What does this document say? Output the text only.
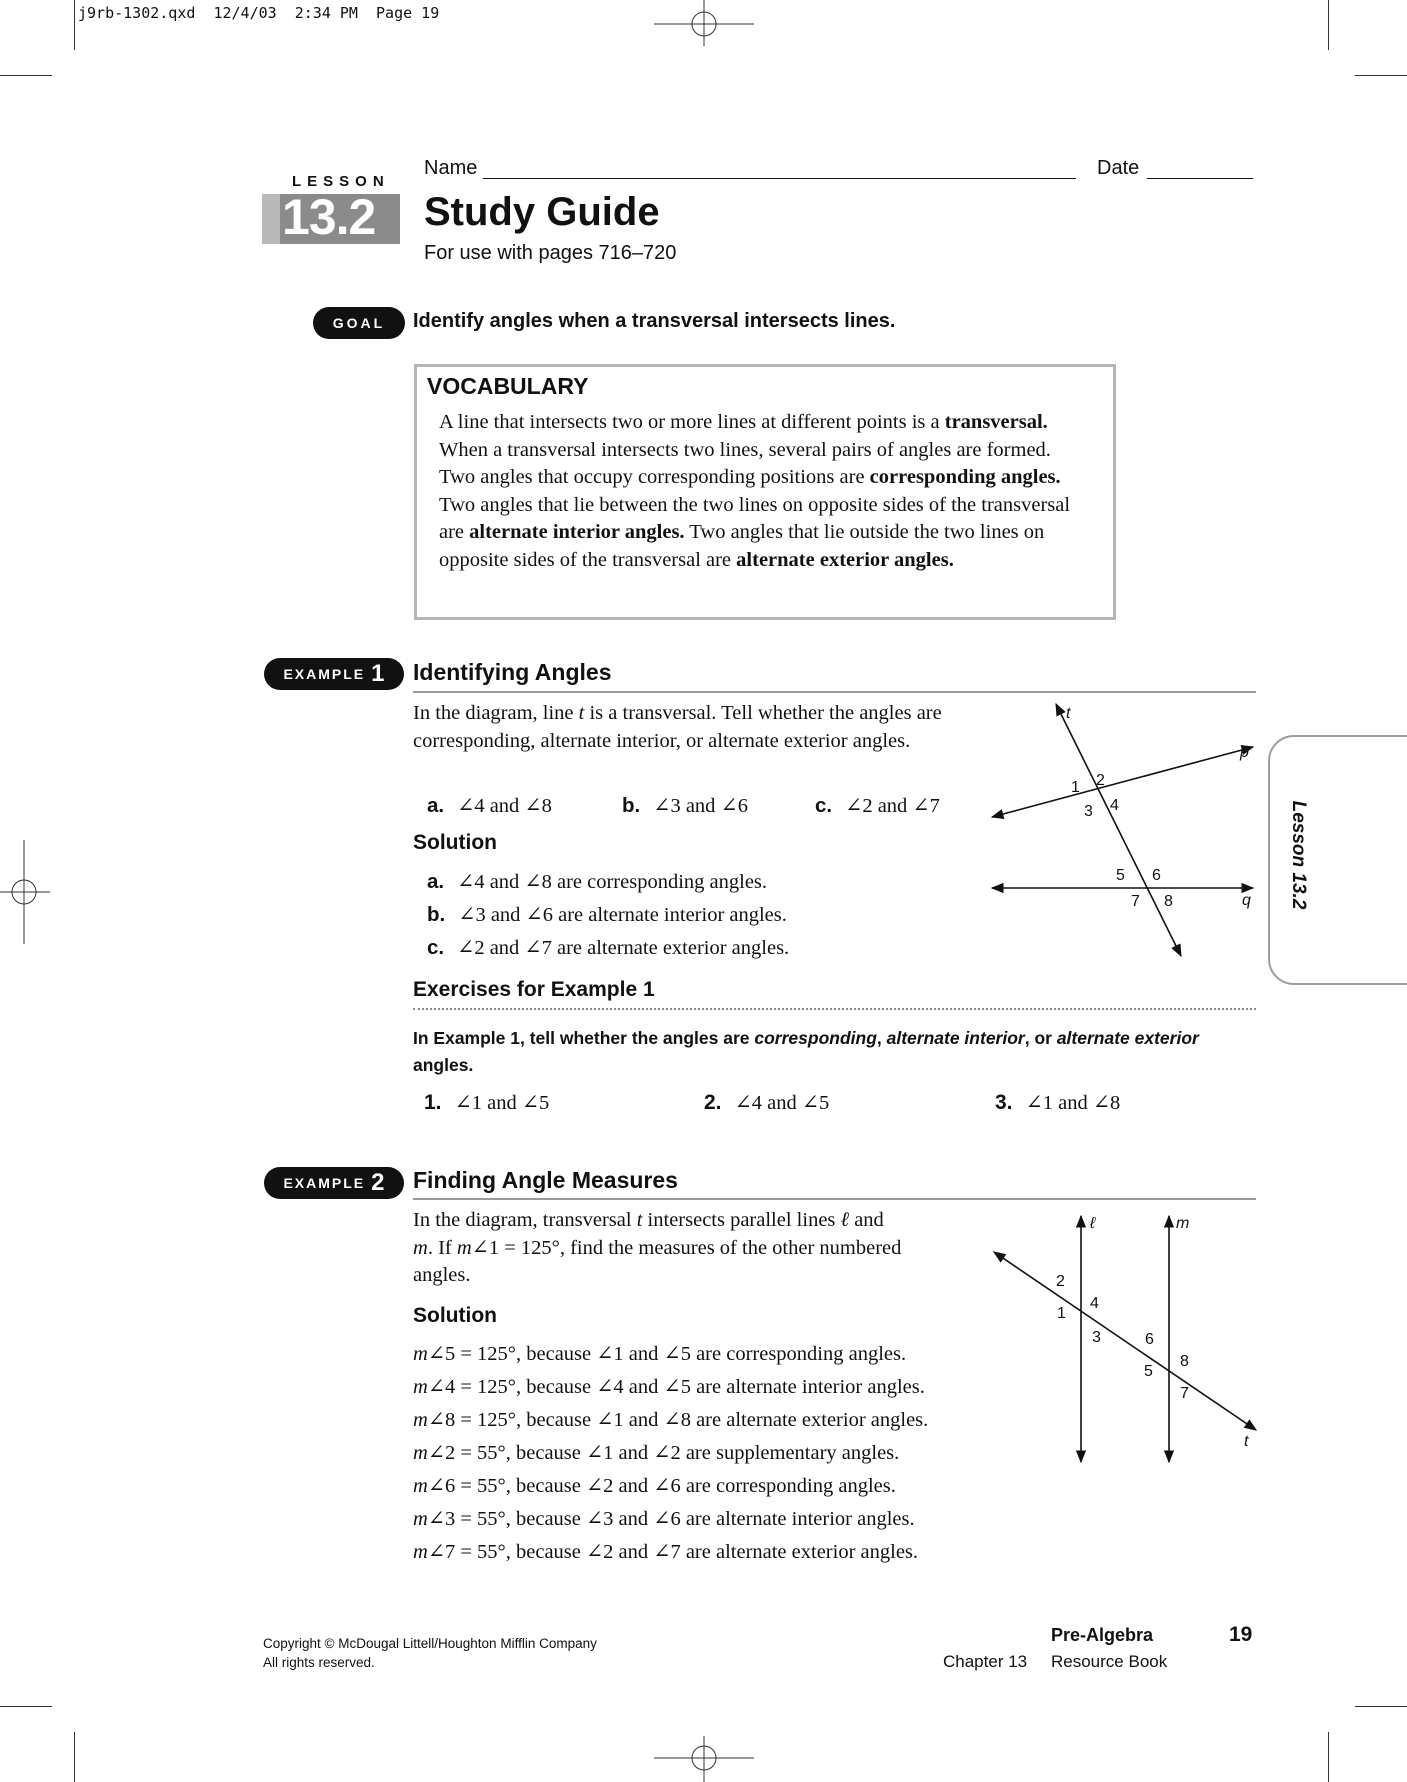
j9rb-1302.qxd  12/4/03  2:34 PM  Page 19
LESSON
13.2
Name	Date
Study Guide
For use with pages 716–720
GOAL	Identify angles when a transversal intersects lines.
VOCABULARY
A line that intersects two or more lines at different points is a transversal. When a transversal intersects two lines, several pairs of angles are formed. Two angles that occupy corresponding positions are corresponding angles. Two angles that lie between the two lines on opposite sides of the transversal are alternate interior angles. Two angles that lie outside the two lines on opposite sides of the transversal are alternate exterior angles.
EXAMPLE 1 Identifying Angles
In the diagram, line t is a transversal. Tell whether the angles are corresponding, alternate interior, or alternate exterior angles.
a. ∠4 and ∠8	b. ∠3 and ∠6	c. ∠2 and ∠7
Solution
a. ∠4 and ∠8 are corresponding angles.
b. ∠3 and ∠6 are alternate interior angles.
c. ∠2 and ∠7 are alternate exterior angles.
t
p
q
1 2
3 4
5 6
7 8	Lesson 13.2
Exercises for Example 1
In Example 1, tell whether the angles are corresponding, alternate interior, or alternate exterior angles.
1. ∠1 and ∠5	2. ∠4 and ∠5	3. ∠1 and ∠8
EXAMPLE 2 Finding Angle Measures
In the diagram, transversal t intersects parallel lines ℓ and m. If m∠1 = 125°, find the measures of the other numbered angles.
Solution
m∠5 = 125°, because ∠1 and ∠5 are corresponding angles.
m∠4 = 125°, because ∠4 and ∠5 are alternate interior angles.
m∠8 = 125°, because ∠1 and ∠8 are alternate exterior angles.
m∠2 = 55°, because ∠1 and ∠2 are supplementary angles.
m∠6 = 55°, because ∠2 and ∠6 are corresponding angles.
m∠3 = 55°, because ∠3 and ∠6 are alternate interior angles.
m∠7 = 55°, because ∠2 and ∠7 are alternate exterior angles.
ℓ	m
t
2
4
1
3	6
8
5
7
Copyright © McDougal Littell/Houghton Mifflin Company
All rights reserved.
Pre-Algebra	19
Chapter 13 Resource Book
